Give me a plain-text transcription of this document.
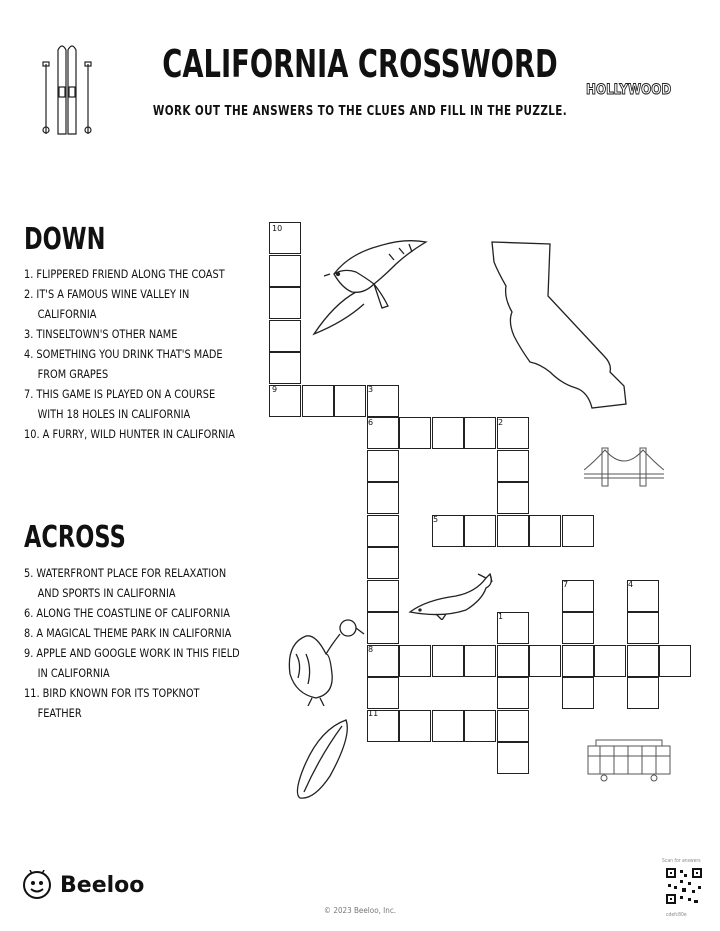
CALIFORNIA CROSSWORD
WORK OUT THE ANSWERS TO THE CLUES AND FILL IN THE PUZZLE.
HOLLYWOOD
DOWN
1. FLIPPERED FRIEND ALONG THE COAST
2. IT'S A FAMOUS WINE VALLEY IN CALIFORNIA
3. TINSELTOWN'S OTHER NAME
4. SOMETHING YOU DRINK THAT'S MADE FROM GRAPES
7. THIS GAME IS PLAYED ON A COURSE WITH 18 HOLES IN CALIFORNIA
10. A FURRY, WILD HUNTER IN CALIFORNIA
ACROSS
5. WATERFRONT PLACE FOR RELAXATION AND SPORTS IN CALIFORNIA
6. ALONG THE COASTLINE OF CALIFORNIA
8. A MAGICAL THEME PARK IN CALIFORNIA
9. APPLE AND GOOGLE WORK IN THIS FIELD IN CALIFORNIA
11. BIRD KNOWN FOR ITS TOPKNOT FEATHER
10
9	3
6	2
5
7	4
1
8
11
Beeloo
© 2023 Beeloo, Inc.
Scan for answers
cdefc80e
